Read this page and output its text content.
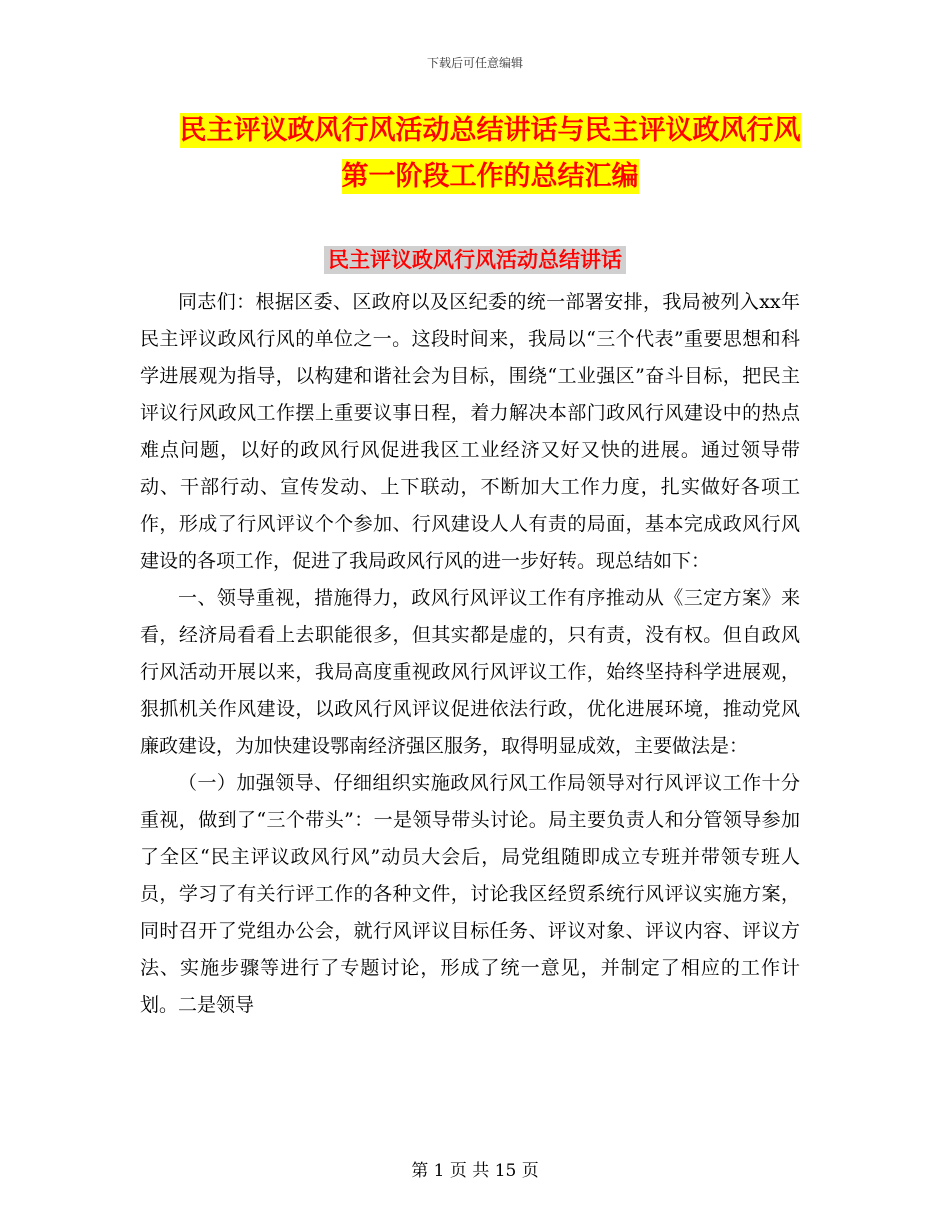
下载后可任意编辑
民主评议政风行风活动总结讲话与民主评议政风行风
第一阶段工作的总结汇编
民主评议政风行风活动总结讲话

同志们：根据区委、区政府以及区纪委的统一部署安排，我局被列入xx年民主评议政风行风的单位之一。这段时间来，我局以“三个代表”重要思想和科学进展观为指导，以构建和谐社会为目标，围绕“工业强区”奋斗目标，把民主评议行风政风工作摆上重要议事日程，着力解决本部门政风行风建设中的热点难点问题，以好的政风行风促进我区工业经济又好又快的进展。通过领导带动、干部行动、宣传发动、上下联动，不断加大工作力度，扎实做好各项工作，形成了行风评议个个参加、行风建设人人有责的局面，基本完成政风行风建设的各项工作，促进了我局政风行风的进一步好转。现总结如下：

一、领导重视，措施得力，政风行风评议工作有序推动从《三定方案》来看，经济局看看上去职能很多，但其实都是虚的，只有责，没有权。但自政风行风活动开展以来，我局高度重视政风行风评议工作，始终坚持科学进展观，狠抓机关作风建设，以政风行风评议促进依法行政，优化进展环境，推动党风廉政建设，为加快建设鄂南经济强区服务，取得明显成效，主要做法是：

（一）加强领导、仔细组织实施政风行风工作局领导对行风评议工作十分重视，做到了“三个带头”：一是领导带头讨论。局主要负责人和分管领导参加了全区“民主评议政风行风”动员大会后，局党组随即成立专班并带领专班人员，学习了有关行评工作的各种文件，讨论我区经贸系统行风评议实施方案，同时召开了党组办公会，就行风评议目标任务、评议对象、评议内容、评议方法、实施步骤等进行了专题讨论，形成了统一意见，并制定了相应的工作计划。二是领导

第 1 页 共 15 页
